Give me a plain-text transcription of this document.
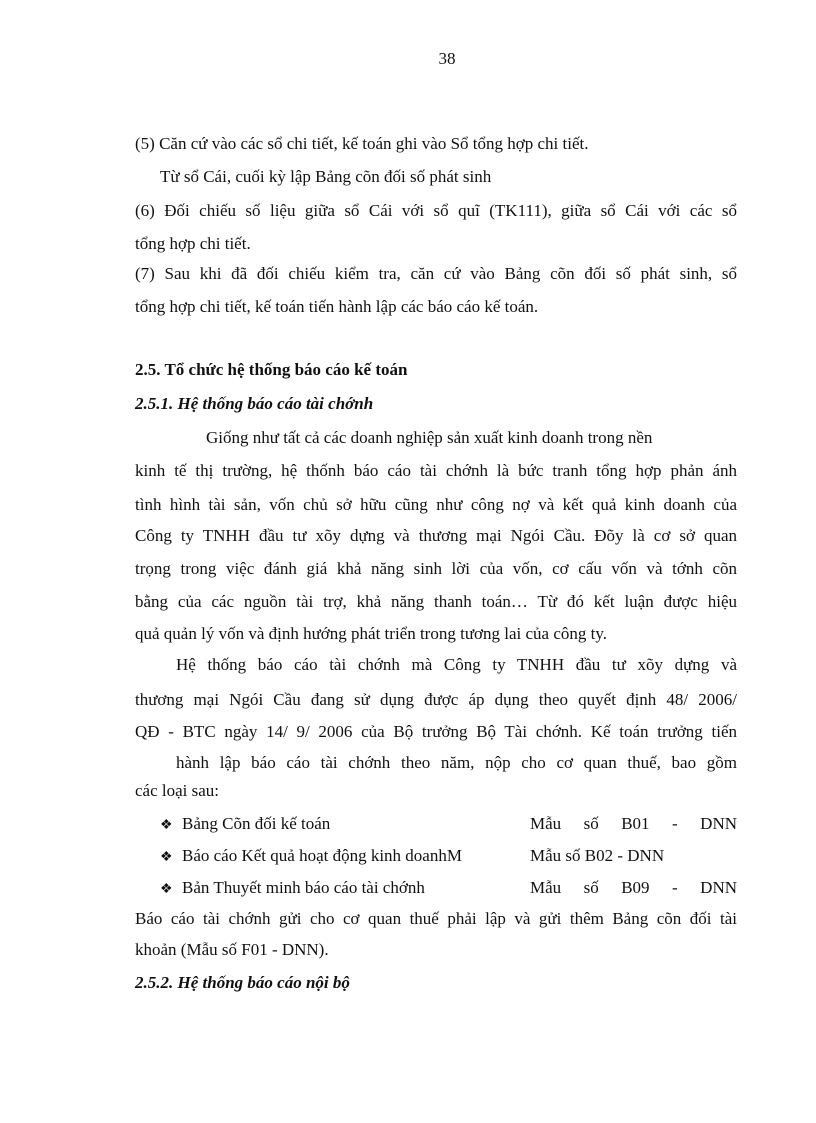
38
(5) Căn cứ vào các sổ chi tiết, kế toán ghi vào Sổ tổng hợp chi tiết.
Từ sổ Cái, cuối kỳ lập Bảng cõn đối số phát sinh
(6) Đối chiếu số liệu giữa sổ Cái với sổ quĩ (TK111), giữa sổ Cái với các sổ
tổng hợp chi tiết.
(7) Sau khi đã đối chiếu kiểm tra, căn cứ vào Bảng cõn đối số phát sinh, sổ
tổng hợp chi tiết, kế toán tiến hành lập các báo cáo kế toán.
2.5. Tổ chức hệ thống báo cáo kế toán
2.5.1. Hệ thống báo cáo tài chớnh
Giống như tất cả các doanh nghiệp sản xuất kinh doanh trong nền
kinh tế thị trường, hệ thốnh báo cáo tài chớnh là bức tranh tổng hợp phản ánh
tình hình tài sản, vốn chủ sở hữu cũng như công nợ và kết quả kinh doanh của
Công ty TNHH đầu tư xõy dựng và thương mại Ngói Cầu. Đõy là cơ sở quan
trọng trong việc đánh giá khả năng sinh lời của vốn, cơ cấu vốn và tớnh cõn
bằng của các nguồn tài trợ, khả năng thanh toán… Từ đó kết luận được hiệu
quả quản lý vốn và định hướng phát triển trong tương lai của công ty.
Hệ thống báo cáo tài chớnh mà Công ty TNHH đầu tư xõy dựng và
thương mại Ngói Cầu đang sử dụng được áp dụng theo quyết định 48/ 2006/
QĐ - BTC ngày 14/ 9/ 2006 của Bộ trưởng Bộ Tài chớnh. Kế toán trưởng tiến
hành lập báo cáo tài chớnh theo năm, nộp cho cơ quan thuế, bao gồm
các loại sau:
❖ Bảng Cõn đối kế toán	Mẫu số B01 - DNN
❖ Báo cáo Kết quả hoạt động kinh doanhM	Mẫu số B02 - DNN
❖ Bản Thuyết minh báo cáo tài chớnh	Mẫu số B09 - DNN
Báo cáo tài chớnh gửi cho cơ quan thuế phải lập và gửi thêm Bảng cõn đối tài
khoản (Mẫu số F01 - DNN).
2.5.2. Hệ thống báo cáo nội bộ
